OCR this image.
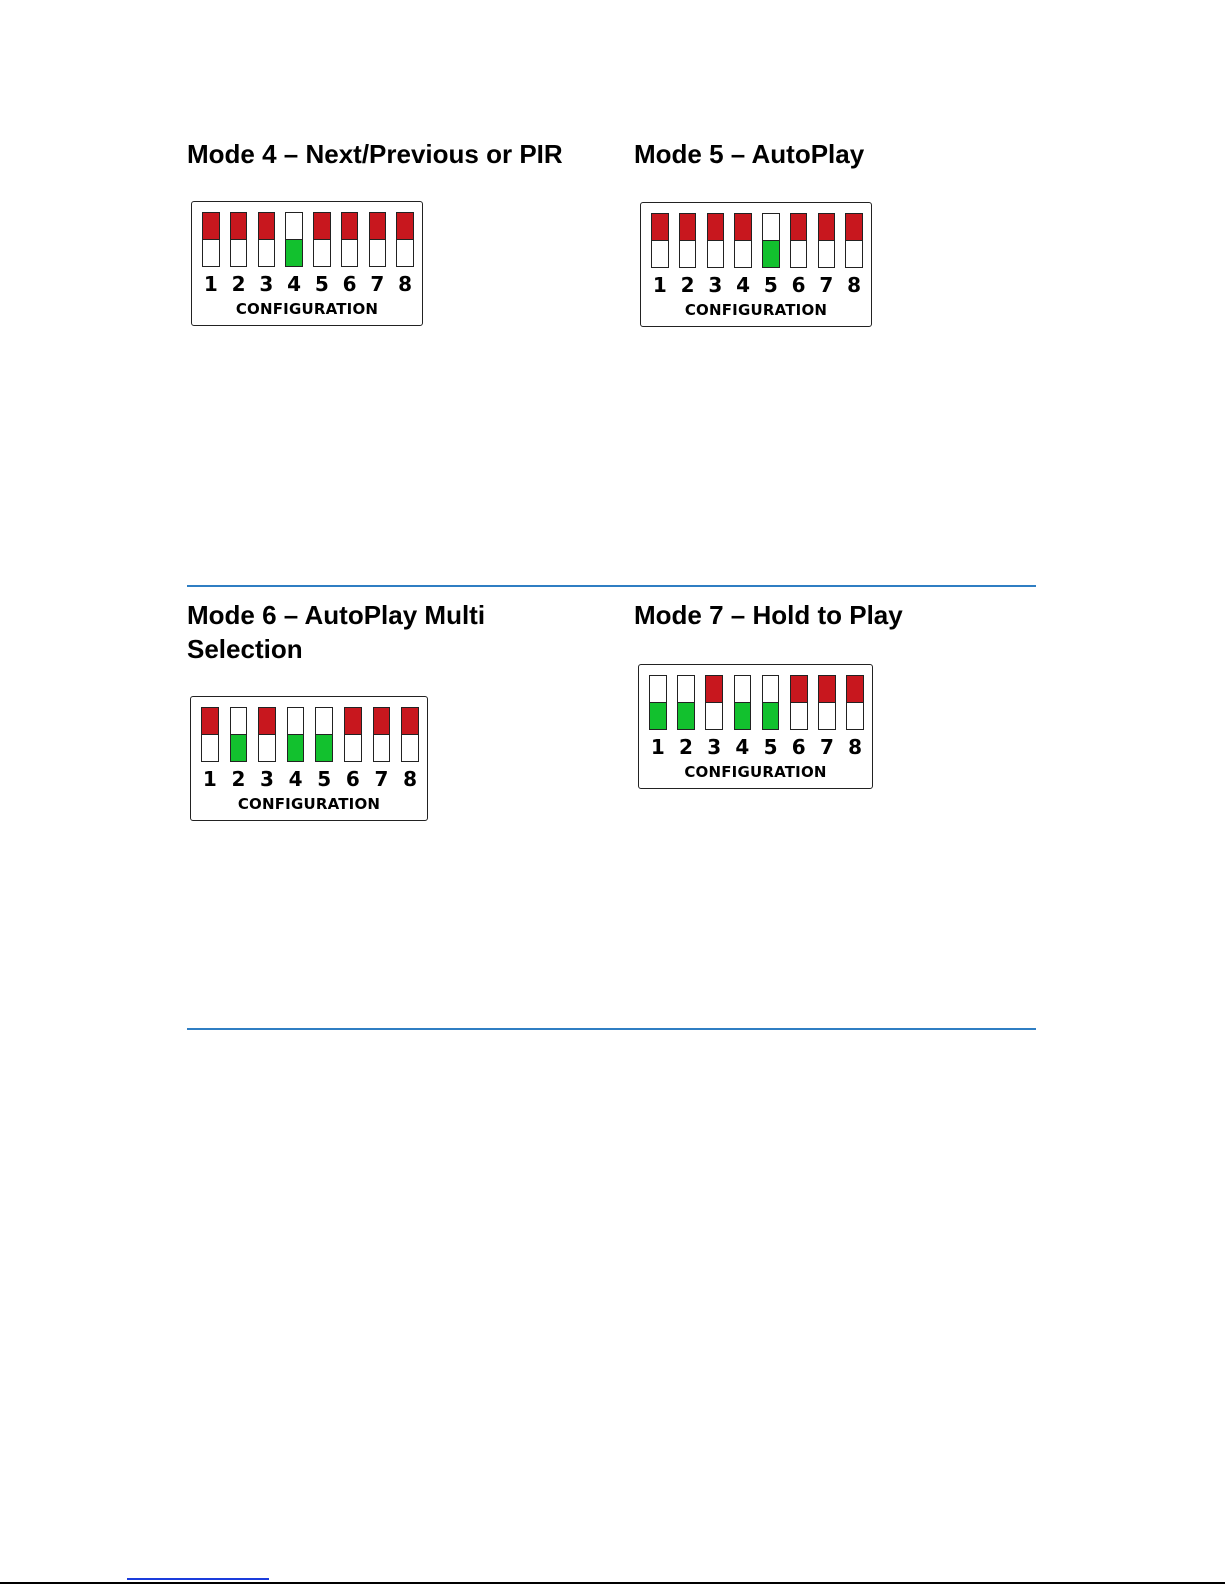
Mode 4 – Next/Previous or PIR
1 2 3 4 5 6 7 8
CONFIGURATION
Mode 5 – AutoPlay
1 2 3 4 5 6 7 8
CONFIGURATION
Mode 6 – AutoPlay Multi
Selection
1 2 3 4 5 6 7 8
CONFIGURATION
Mode 7 – Hold to Play
1 2 3 4 5 6 7 8
CONFIGURATION
